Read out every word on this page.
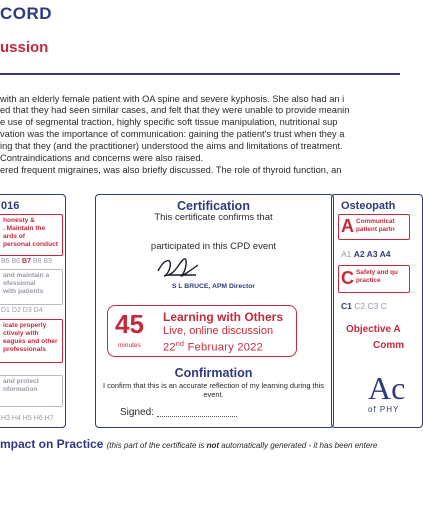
CORD
ussion
with an elderly female patient with OA spine and severe kyphosis. She also had an i
ed that they had seen similar cases, and felt that they were unable to provide meanin
e use of segmental traction, highly specific soft tissue manipulation, nutritional sup
vation was the importance of communication: gaining the patient's trust when they a
ing that they (and the practitioner) understood the aims and limitations of treatment.
Contraindications and concerns were also raised.
ered frequent migraines, was also briefly discussed. The role of thyroid function, an
016
honesty &
. Maintain the
ards of
personal conduct
B5 B6 B7 B8 B9
and maintain a
ofessional
with patients
D1 D2 D3 D4
icate properly
ctively with
eagues and other
professionals
and protect
nformation
H3 H4 H5 H6 H7
Certification
This certificate confirms that
participated in this CPD event
S L BRUCE, APM Director
45
minutes
Learning with Others
Live, online discussion
22nd February 2022
Confirmation
I confirm that this is an accurate reflection of my learning during this event.
Signed:
Osteopath
A Communicat
patient partn
A1 A2 A3 A4
C Safety and qu
practice
C1 C2 C3 C
Objective A
Comm
Ac
of PHY
mpact on Practice (this part of the certificate is not automatically generated - it has been entere
